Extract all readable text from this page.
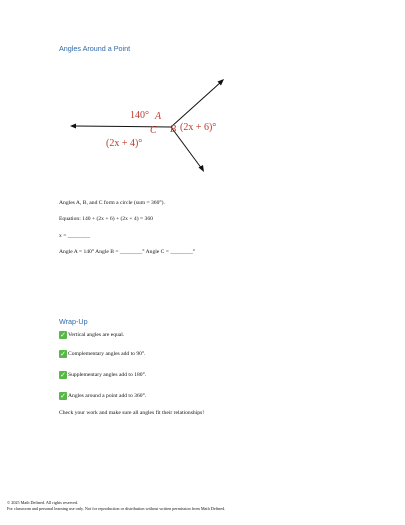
Angles Around a Point
140° A
C B (2x + 6)°
(2x + 4)°
Angles A, B, and C form a circle (sum = 360°).
Equation: 140 + (2x + 6) + (2x + 4) = 360
x = ________
Angle A = 140° Angle B = ________° Angle C = ________°
Wrap-Up
✓ Vertical angles are equal.
✓ Complementary angles add to 90°.
✓ Supplementary angles add to 180°.
✓ Angles around a point add to 360°.
Check your work and make sure all angles fit their relationships!
© 2025 Math Defined. All rights reserved.
For classroom and personal learning use only. Not for reproduction or distribution without written permission from Math Defined.
